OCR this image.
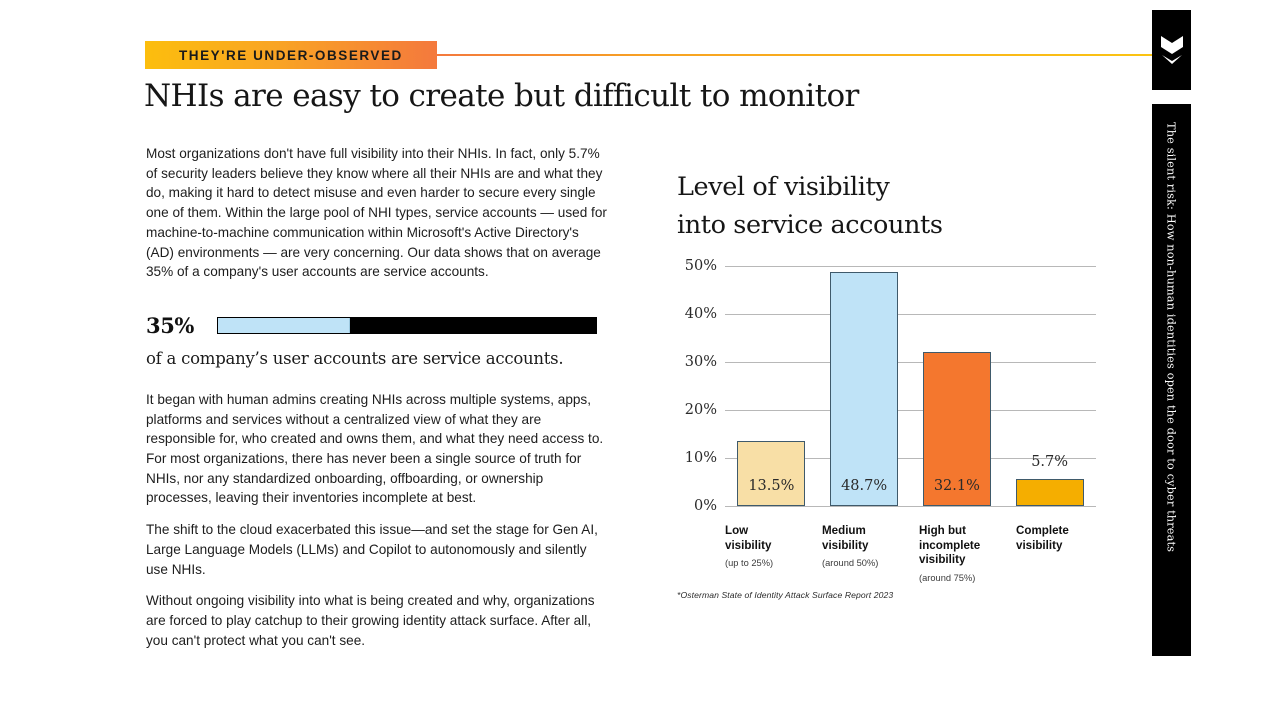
THEY'RE UNDER-OBSERVED
NHIs are easy to create but difficult to monitor

Most organizations don't have full visibility into their NHIs. In fact, only 5.7% of security leaders believe they know where all their NHIs are and what they do, making it hard to detect misuse and even harder to secure every single one of them. Within the large pool of NHI types, service accounts — used for machine-to-machine communication within Microsoft's Active Directory's (AD) environments — are very concerning. Our data shows that on average 35% of a company's user accounts are service accounts.

35%
of a company’s user accounts are service accounts.

It began with human admins creating NHIs across multiple systems, apps, platforms and services without a centralized view of what they are responsible for, who created and owns them, and what they need access to. For most organizations, there has never been a single source of truth for NHIs, nor any standardized onboarding, offboarding, or ownership processes, leaving their inventories incomplete at best.

The shift to the cloud exacerbated this issue—and set the stage for Gen AI, Large Language Models (LLMs) and Copilot to autonomously and silently use NHIs.

Without ongoing visibility into what is being created and why, organizations are forced to play catchup to their growing identity attack surface. After all, you can't protect what you can't see.

Level of visibility
into service accounts
0%
10%
20%
30%
40%
50%
13.5%	48.7%	32.1%
5.7%
Low
visibility
(up to 25%)
Medium
visibility
(around 50%)
High but
incomplete
visibility
(around 75%)
Complete
visibility
*Osterman State of Identity Attack Surface Report 2023
The silent risk: How non-human identities open the door to cyber threats
